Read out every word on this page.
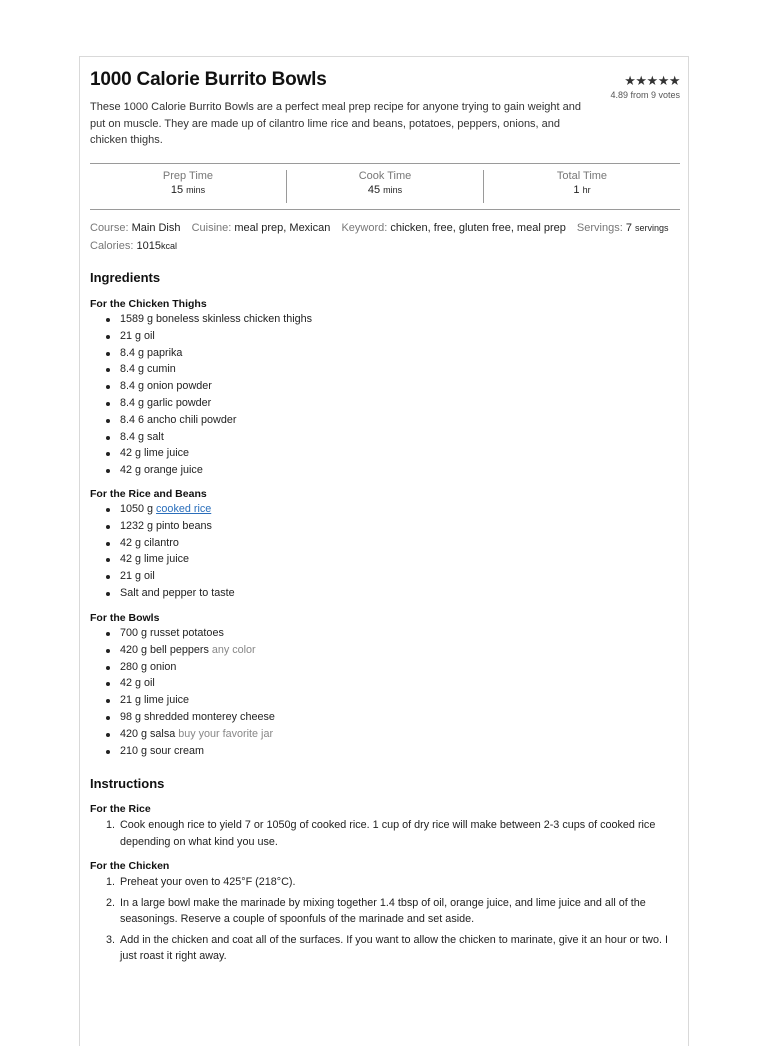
1000 Calorie Burrito Bowls	★★★★★
4.89 from 9 votes
These 1000 Calorie Burrito Bowls are a perfect meal prep recipe for anyone trying to gain weight and put on muscle. They are made up of cilantro lime rice and beans, potatoes, peppers, onions, and chicken thighs.
Prep Time
15 mins
Cook Time
45 mins
Total Time
1 hr
Course: Main Dish Cuisine: meal prep, Mexican Keyword: chicken, free, gluten free, meal prep Servings: 7 servings
Calories: 1015kcal
Ingredients
For the Chicken Thighs
1589 g boneless skinless chicken thighs
21 g oil
8.4 g paprika
8.4 g cumin
8.4 g onion powder
8.4 g garlic powder
8.4 6 ancho chili powder
8.4 g salt
42 g lime juice
42 g orange juice
For the Rice and Beans
1050 g cooked rice
1232 g pinto beans
42 g cilantro
42 g lime juice
21 g oil
Salt and pepper to taste
For the Bowls
700 g russet potatoes
420 g bell peppers any color
280 g onion
42 g oil
21 g lime juice
98 g shredded monterey cheese
420 g salsa buy your favorite jar
210 g sour cream
Instructions
For the Rice
1. Cook enough rice to yield 7 or 1050g of cooked rice. 1 cup of dry rice will make between 2-3 cups of cooked rice depending on what kind you use.
For the Chicken
1. Preheat your oven to 425°F (218°C).
2. In a large bowl make the marinade by mixing together 1.4 tbsp of oil, orange juice, and lime juice and all of the seasonings. Reserve a couple of spoonfuls of the marinade and set aside.
3. Add in the chicken and coat all of the surfaces. If you want to allow the chicken to marinate, give it an hour or two. I just roast it right away.
